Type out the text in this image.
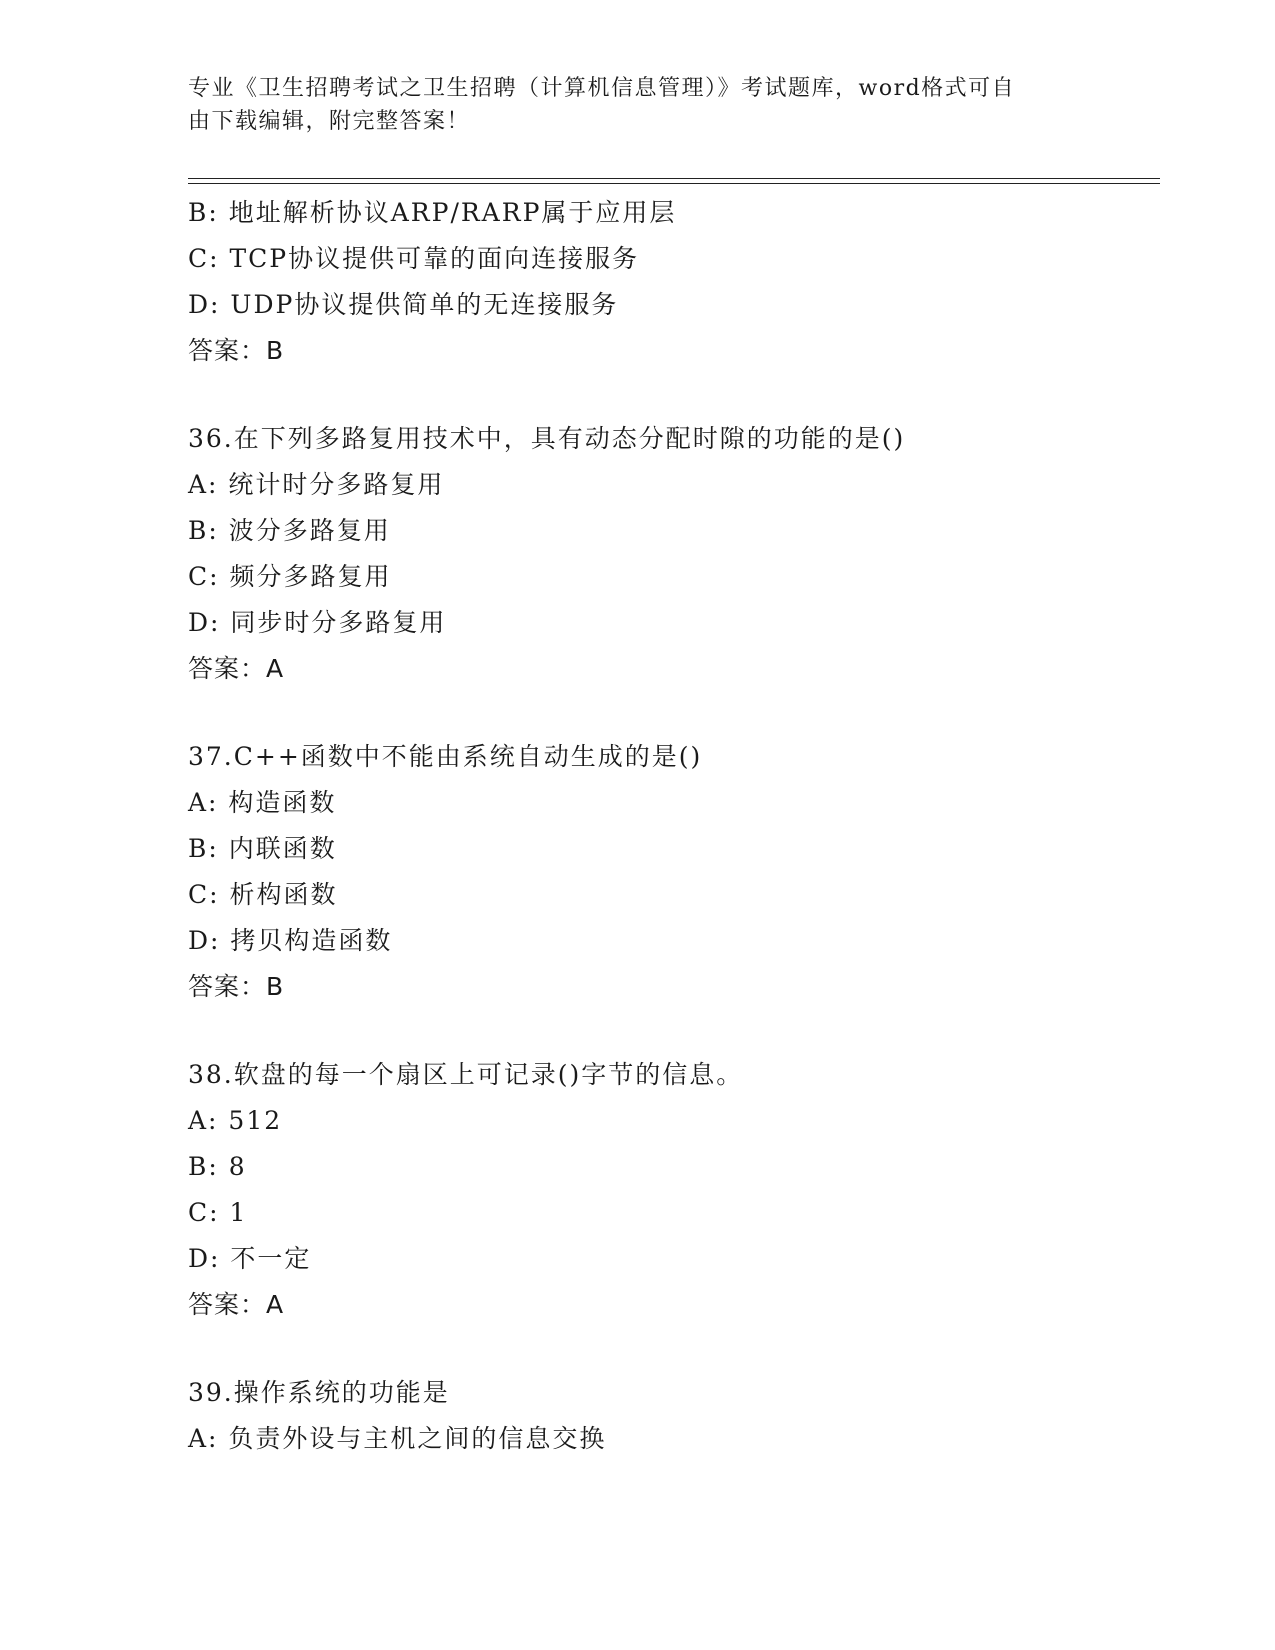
专业《卫生招聘考试之卫生招聘（计算机信息管理）》考试题库，word格式可自
由下载编辑，附完整答案！
B: 地址解析协议ARP/RARP属于应用层
C: TCP协议提供可靠的面向连接服务
D: UDP协议提供简单的无连接服务
答案：B
36.在下列多路复用技术中，具有动态分配时隙的功能的是()
A: 统计时分多路复用
B: 波分多路复用
C: 频分多路复用
D: 同步时分多路复用
答案：A
37.C++函数中不能由系统自动生成的是()
A: 构造函数
B: 内联函数
C: 析构函数
D: 拷贝构造函数
答案：B
38.软盘的每一个扇区上可记录()字节的信息。
A: 512
B: 8
C: 1
D: 不一定
答案：A
39.操作系统的功能是
A: 负责外设与主机之间的信息交换
